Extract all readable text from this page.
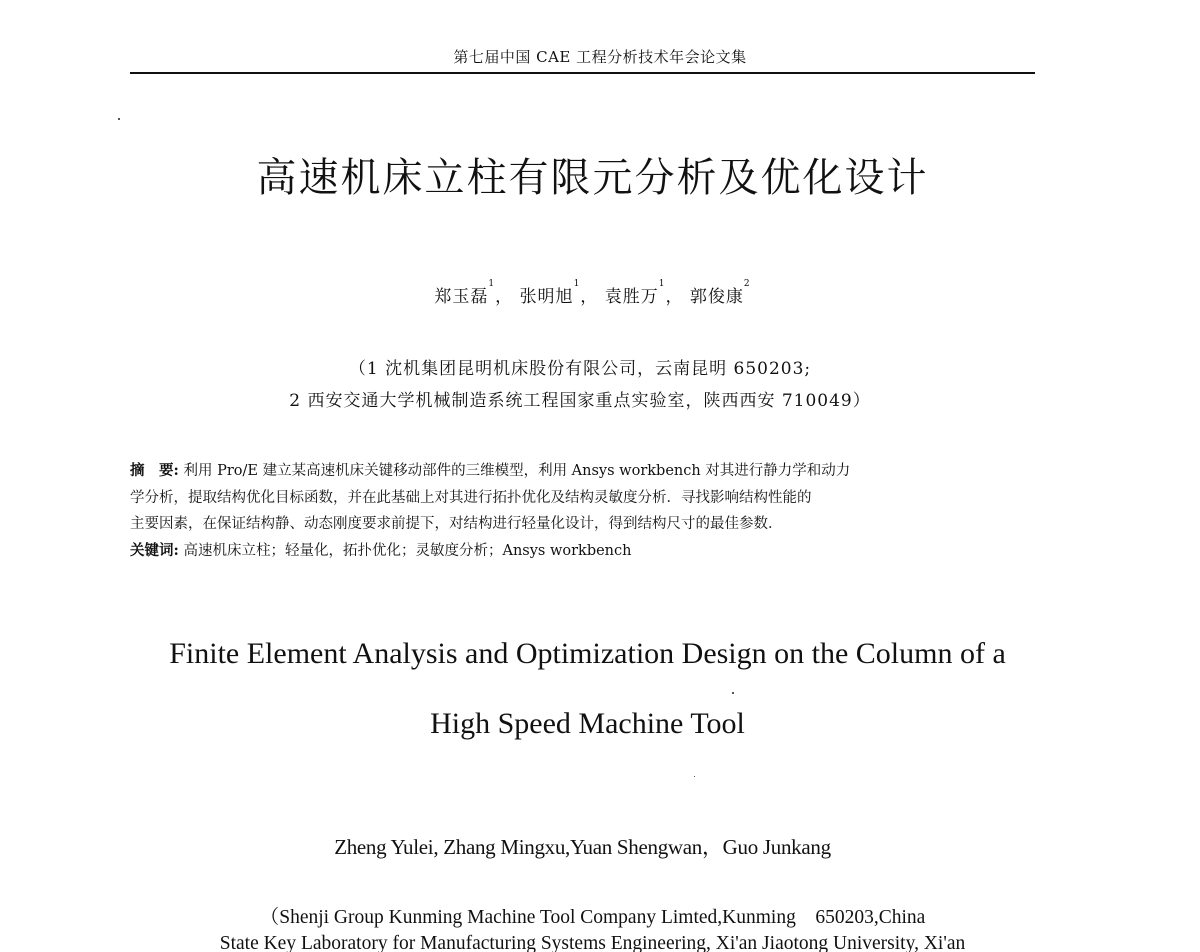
第七届中国 CAE 工程分析技术年会论文集
高速机床立柱有限元分析及优化设计
郑玉磊$^1$， 张明旭$^1$， 袁胜万$^1$， 郭俊康$^2$
（1 沈机集团昆明机床股份有限公司，云南昆明 650203;
2 西安交通大学机械制造系统工程国家重点实验室，陕西西安 710049）
摘　要: 利用 Pro/E 建立某高速机床关键移动部件的三维模型，利用 Ansys workbench 对其进行静力学和动力
学分析，提取结构优化目标函数，并在此基础上对其进行拓扑优化及结构灵敏度分析．寻找影响结构性能的
主要因素，在保证结构静、动态刚度要求前提下，对结构进行轻量化设计，得到结构尺寸的最佳参数．
关键词: 高速机床立柱；轻量化，拓扑优化；灵敏度分析；Ansys workbench
Finite Element Analysis and Optimization Design on the Column of a
High Speed Machine Tool
Zheng Yulei, Zhang Mingxu,Yuan Shengwan，Guo Junkang
（Shenji Group Kunming Machine Tool Company Limted,Kunming　650203,China
State Key Laboratory for Manufacturing Systems Engineering, Xi'an Jiaotong University, Xi'an
